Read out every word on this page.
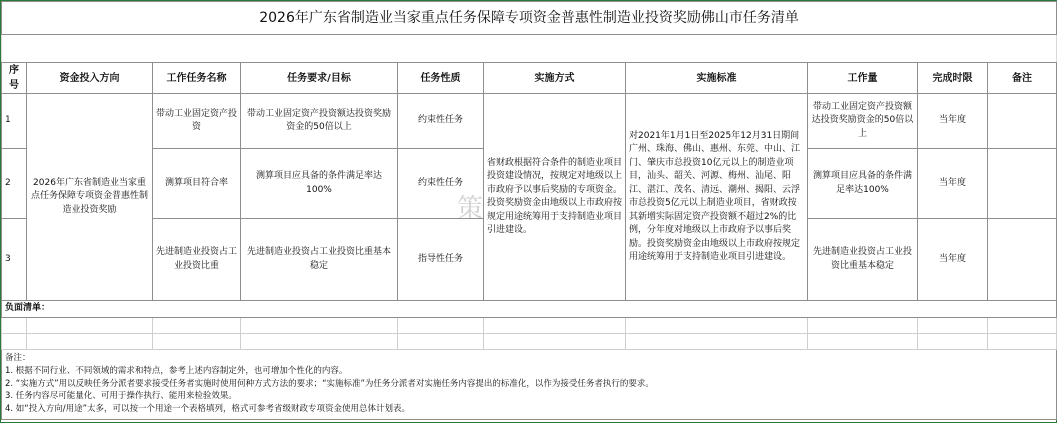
2026年广东省制造业当家重点任务保障专项资金普惠性制造业投资奖励佛山市任务清单									

序号	资金投入方向	工作任务名称	任务要求/目标	任务性质	实施方式	实施标准	工作量	完成时限	备注
1	2026年广东省制造业当家重点任务保障专项资金普惠性制造业投资奖励	带动工业固定资产投资	带动工业固定资产投资额达投资奖励资金的50倍以上	约束性任务	省财政根据符合条件的制造业项目投资建设情况，按规定对地级以上市政府予以事后奖励的专项资金。投资奖励资金由地级以上市政府按规定用途统筹用于支持制造业项目引进建设。	对2021年1月1日至2025年12月31日期间广州、珠海、佛山、惠州、东莞、中山、江门、肇庆市总投资10亿元以上的制造业项目，汕头、韶关、河源、梅州、汕尾、阳江、湛江、茂名、清远、潮州、揭阳、云浮市总投资5亿元以上制造业项目，省财政按其新增实际固定资产投资额不超过2%的比例，分年度对地级以上市政府予以事后奖励。投资奖励资金由地级以上市政府按规定用途统筹用于支持制造业项目引进建设。	带动工业固定资产投资额达投资奖励资金的50倍以上	当年度	
2		测算项目符合率	测算项目应具备的条件满足率达100%	约束性任务			测算项目应具备的条件满足率达100%	当年度	
3		先进制造业投资占工业投资比重	先进制造业投资占工业投资比重基本稳定	指导性任务			先进制造业投资占工业投资比重基本稳定	当年度	
负面清单：									

备注：
1. 根据不同行业、不同领域的需求和特点，参考上述内容制定外，也可增加个性化的内容。
2. “实施方式”用以反映任务分派者要求接受任务者实施时使用何种方式方法的要求；“实施标准”为任务分派者对实施任务内容提出的标准化，以作为接受任务者执行的要求。
3. 任务内容尽可能量化、可用于操作执行、能用来检验效果。
4. 如“投入方向/用途”太多，可以按一个用途一个表格填列，格式可参考省级财政专项资金使用总体计划表。									
策
